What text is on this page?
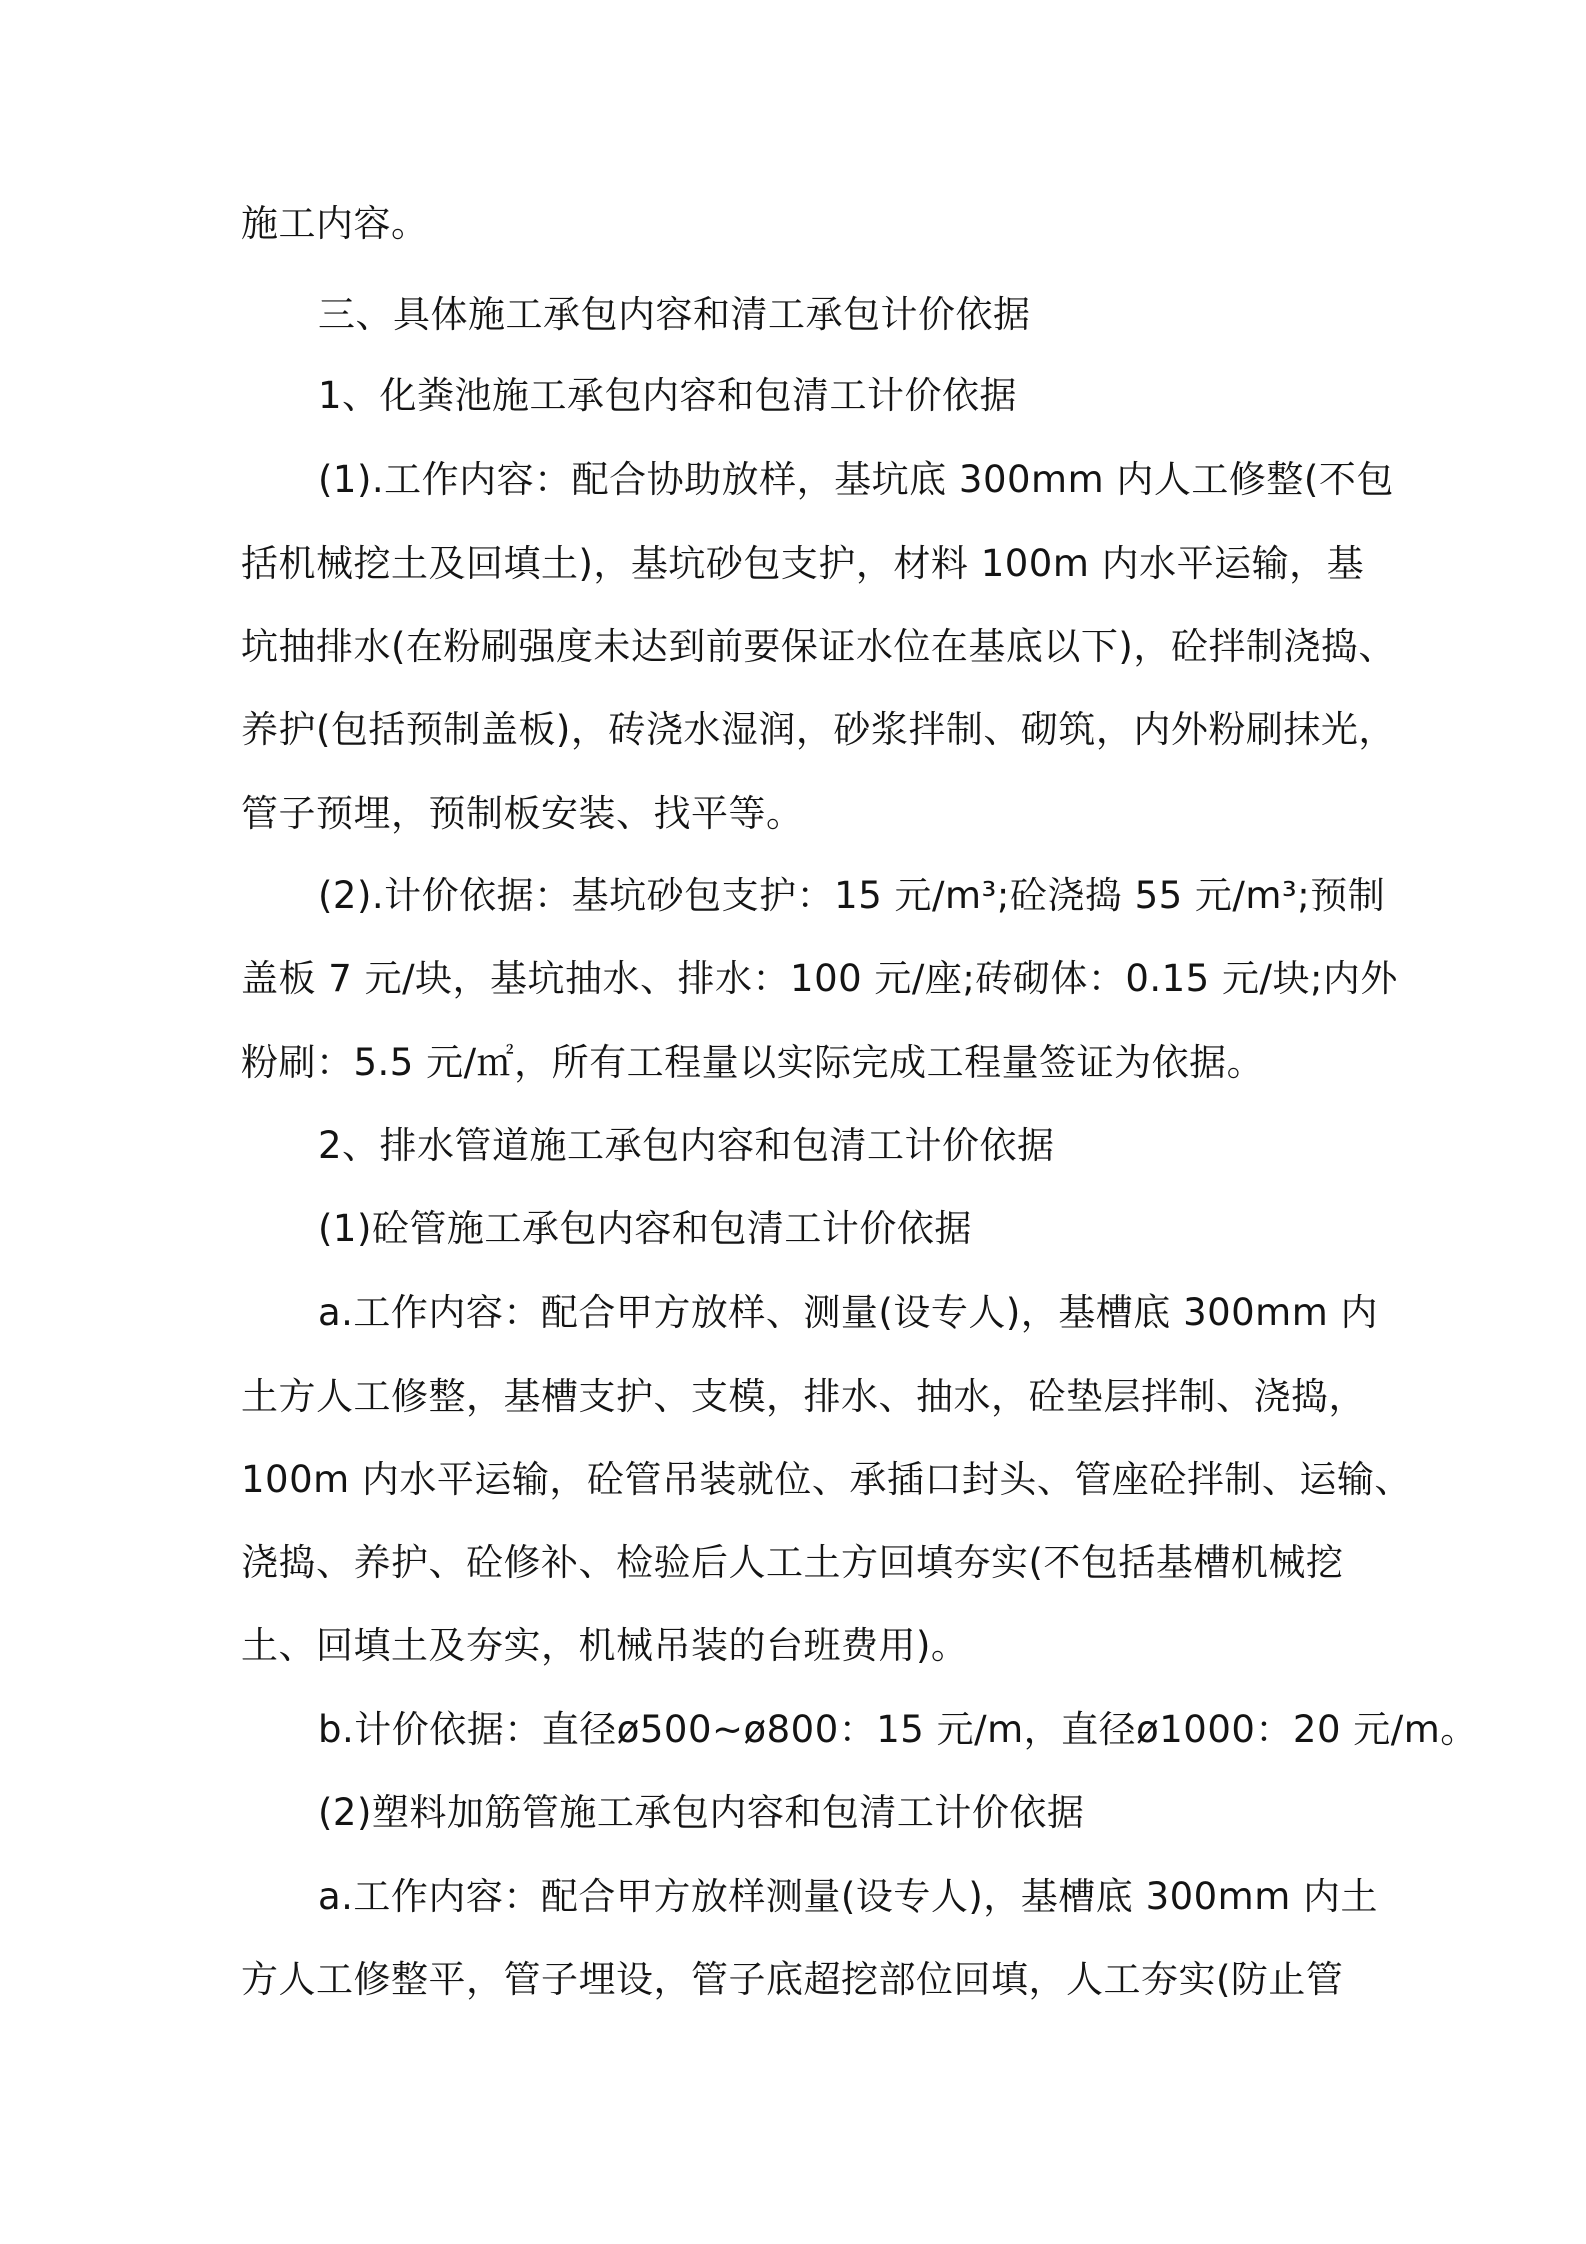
施工内容。

三、具体施工承包内容和清工承包计价依据

1、化粪池施工承包内容和包清工计价依据

(1).工作内容：配合协助放样，基坑底 300mm 内人工修整(不包

括机械挖土及回填土)，基坑砂包支护，材料 100m 内水平运输，基

坑抽排水(在粉刷强度未达到前要保证水位在基底以下)，砼拌制浇捣、

养护(包括预制盖板)，砖浇水湿润，砂浆拌制、砌筑，内外粉刷抹光，

管子预埋，预制板安装、找平等。

(2).计价依据：基坑砂包支护：15 元/m³;砼浇捣 55 元/m³;预制

盖板 7 元/块，基坑抽水、排水：100 元/座;砖砌体：0.15 元/块;内外

粉刷：5.5 元/㎡，所有工程量以实际完成工程量签证为依据。

2、排水管道施工承包内容和包清工计价依据

(1)砼管施工承包内容和包清工计价依据

a.工作内容：配合甲方放样、测量(设专人)，基槽底 300mm 内

土方人工修整，基槽支护、支模，排水、抽水，砼垫层拌制、浇捣，

100m 内水平运输，砼管吊装就位、承插口封头、管座砼拌制、运输、

浇捣、养护、砼修补、检验后人工土方回填夯实(不包括基槽机械挖

土、回填土及夯实，机械吊装的台班费用)。

b.计价依据：直径ø500~ø800：15 元/m，直径ø1000：20 元/m。

(2)塑料加筋管施工承包内容和包清工计价依据

a.工作内容：配合甲方放样测量(设专人)，基槽底 300mm 内土

方人工修整平，管子埋设，管子底超挖部位回填，人工夯实(防止管
